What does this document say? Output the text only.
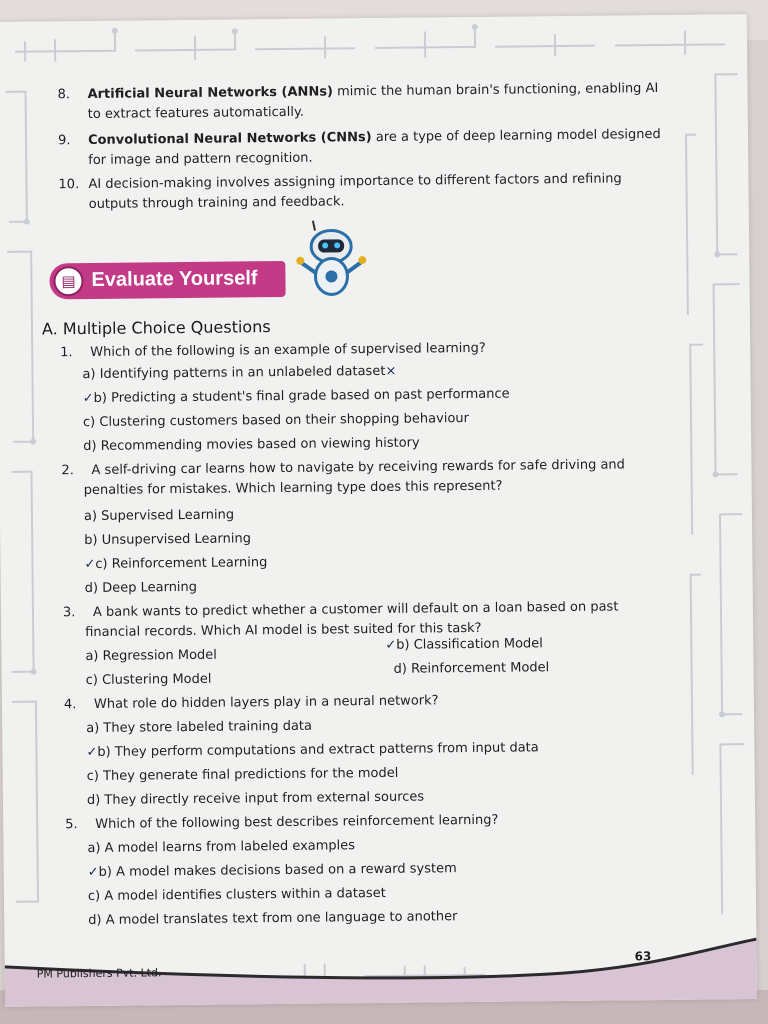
8. Artificial Neural Networks (ANNs) mimic the human brain's functioning, enabling AI
to extract features automatically.
9. Convolutional Neural Networks (CNNs) are a type of deep learning model designed
for image and pattern recognition.
10. AI decision-making involves assigning importance to different factors and refining
outputs through training and feedback.
▤ Evaluate Yourself
A. Multiple Choice Questions
1. Which of the following is an example of supervised learning?
a) Identifying patterns in an unlabeled dataset×
✓b) Predicting a student's final grade based on past performance
c) Clustering customers based on their shopping behaviour
d) Recommending movies based on viewing history
2. A self-driving car learns how to navigate by receiving rewards for safe driving and
penalties for mistakes. Which learning type does this represent?
a) Supervised Learning
b) Unsupervised Learning
✓c) Reinforcement Learning
d) Deep Learning
3. A bank wants to predict whether a customer will default on a loan based on past
financial records. Which AI model is best suited for this task?
a) Regression Model
✓b) Classification Model
c) Clustering Model
d) Reinforcement Model
4. What role do hidden layers play in a neural network?
a) They store labeled training data
✓b) They perform computations and extract patterns from input data
c) They generate final predictions for the model
d) They directly receive input from external sources
5. Which of the following best describes reinforcement learning?
a) A model learns from labeled examples
✓b) A model makes decisions based on a reward system
c) A model identifies clusters within a dataset
d) A model translates text from one language to another
PM Publishers Pvt. Ltd.
63
